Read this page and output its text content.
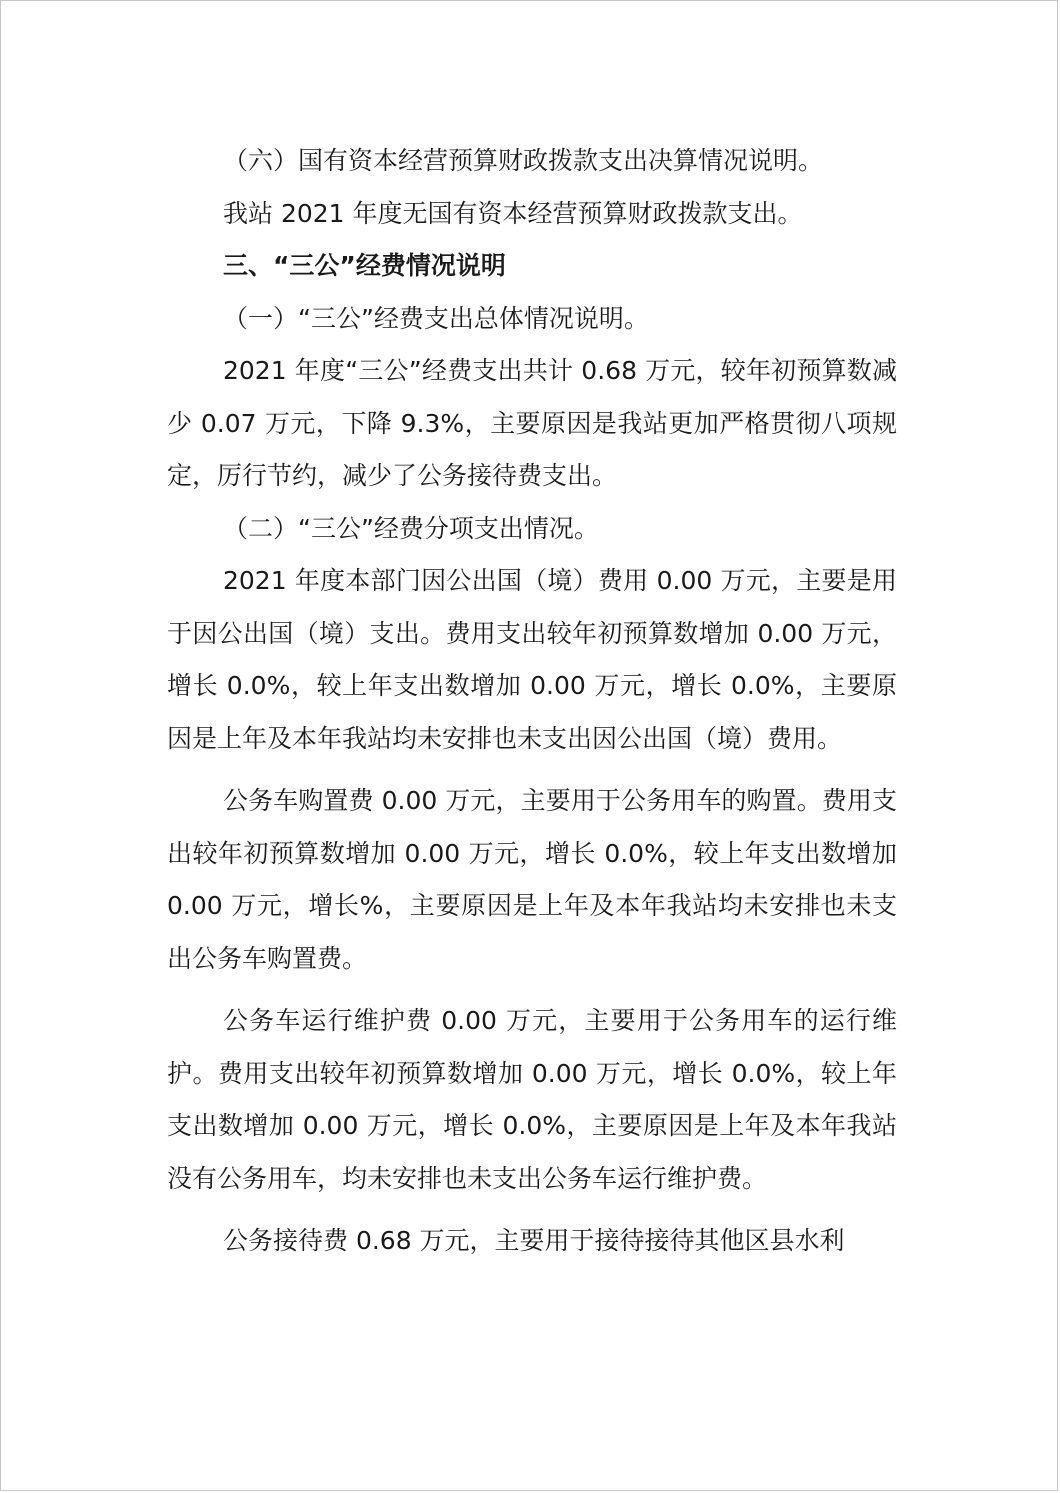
（六）国有资本经营预算财政拨款支出决算情况说明。

我站 2021 年度无国有资本经营预算财政拨款支出。

三、“三公”经费情况说明

（一）“三公”经费支出总体情况说明。

2021 年度“三公”经费支出共计 0.68 万元，较年初预算数减少 0.07 万元，下降 9.3%，主要原因是我站更加严格贯彻八项规定，厉行节约，减少了公务接待费支出。

（二）“三公”经费分项支出情况。

2021 年度本部门因公出国（境）费用 0.00 万元，主要是用于因公出国（境）支出。费用支出较年初预算数增加 0.00 万元，增长 0.0%，较上年支出数增加 0.00 万元，增长 0.0%，主要原因是上年及本年我站均未安排也未支出因公出国（境）费用。

公务车购置费 0.00 万元，主要用于公务用车的购置。费用支出较年初预算数增加 0.00 万元，增长 0.0%，较上年支出数增加 0.00 万元，增长%，主要原因是上年及本年我站均未安排也未支出公务车购置费。

公务车运行维护费 0.00 万元，主要用于公务用车的运行维护。费用支出较年初预算数增加 0.00 万元，增长 0.0%，较上年支出数增加 0.00 万元，增长 0.0%，主要原因是上年及本年我站没有公务用车，均未安排也未支出公务车运行维护费。

公务接待费 0.68 万元，主要用于接待接待其他区县水利
